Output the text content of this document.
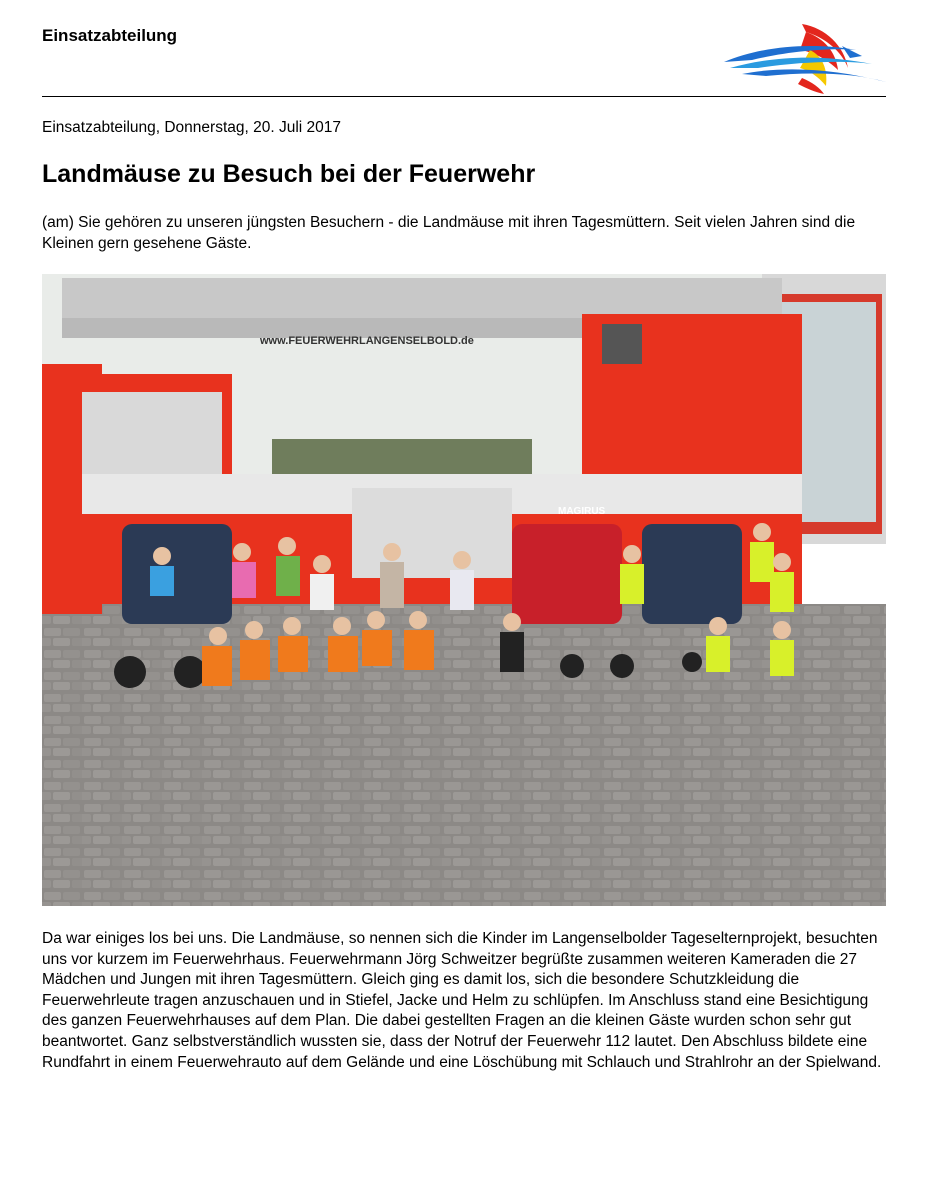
Einsatzabteilung
Einsatzabteilung, Donnerstag, 20. Juli 2017
Landmäuse zu Besuch bei der Feuerwehr

(am) Sie gehören zu unseren jüngsten Besuchern - die Landmäuse mit ihren Tagesmüttern. Seit vielen Jahren sind die Kleinen gern gesehene Gäste.

www.FEUERWEHRLANGENSELBOLD.de
MAGIRUS

Da war einiges los bei uns. Die Landmäuse, so nennen sich die Kinder im Langenselbolder Tageselternprojekt, besuchten uns vor kurzem im Feuerwehrhaus. Feuerwehrmann Jörg Schweitzer begrüßte zusammen weiteren Kameraden die 27 Mädchen und Jungen mit ihren Tagesmüttern. Gleich ging es damit los, sich die besondere Schutzkleidung die Feuerwehrleute tragen anzuschauen und in Stiefel, Jacke und Helm zu schlüpfen. Im Anschluss stand eine Besichtigung des ganzen Feuerwehrhauses auf dem Plan. Die dabei gestellten Fragen an die kleinen Gäste wurden schon sehr gut beantwortet. Ganz selbstverständlich wussten sie, dass der Notruf der Feuerwehr 112 lautet. Den Abschluss bildete eine Rundfahrt in einem Feuerwehrauto auf dem Gelände und eine Löschübung mit Schlauch und Strahlrohr an der Spielwand.
